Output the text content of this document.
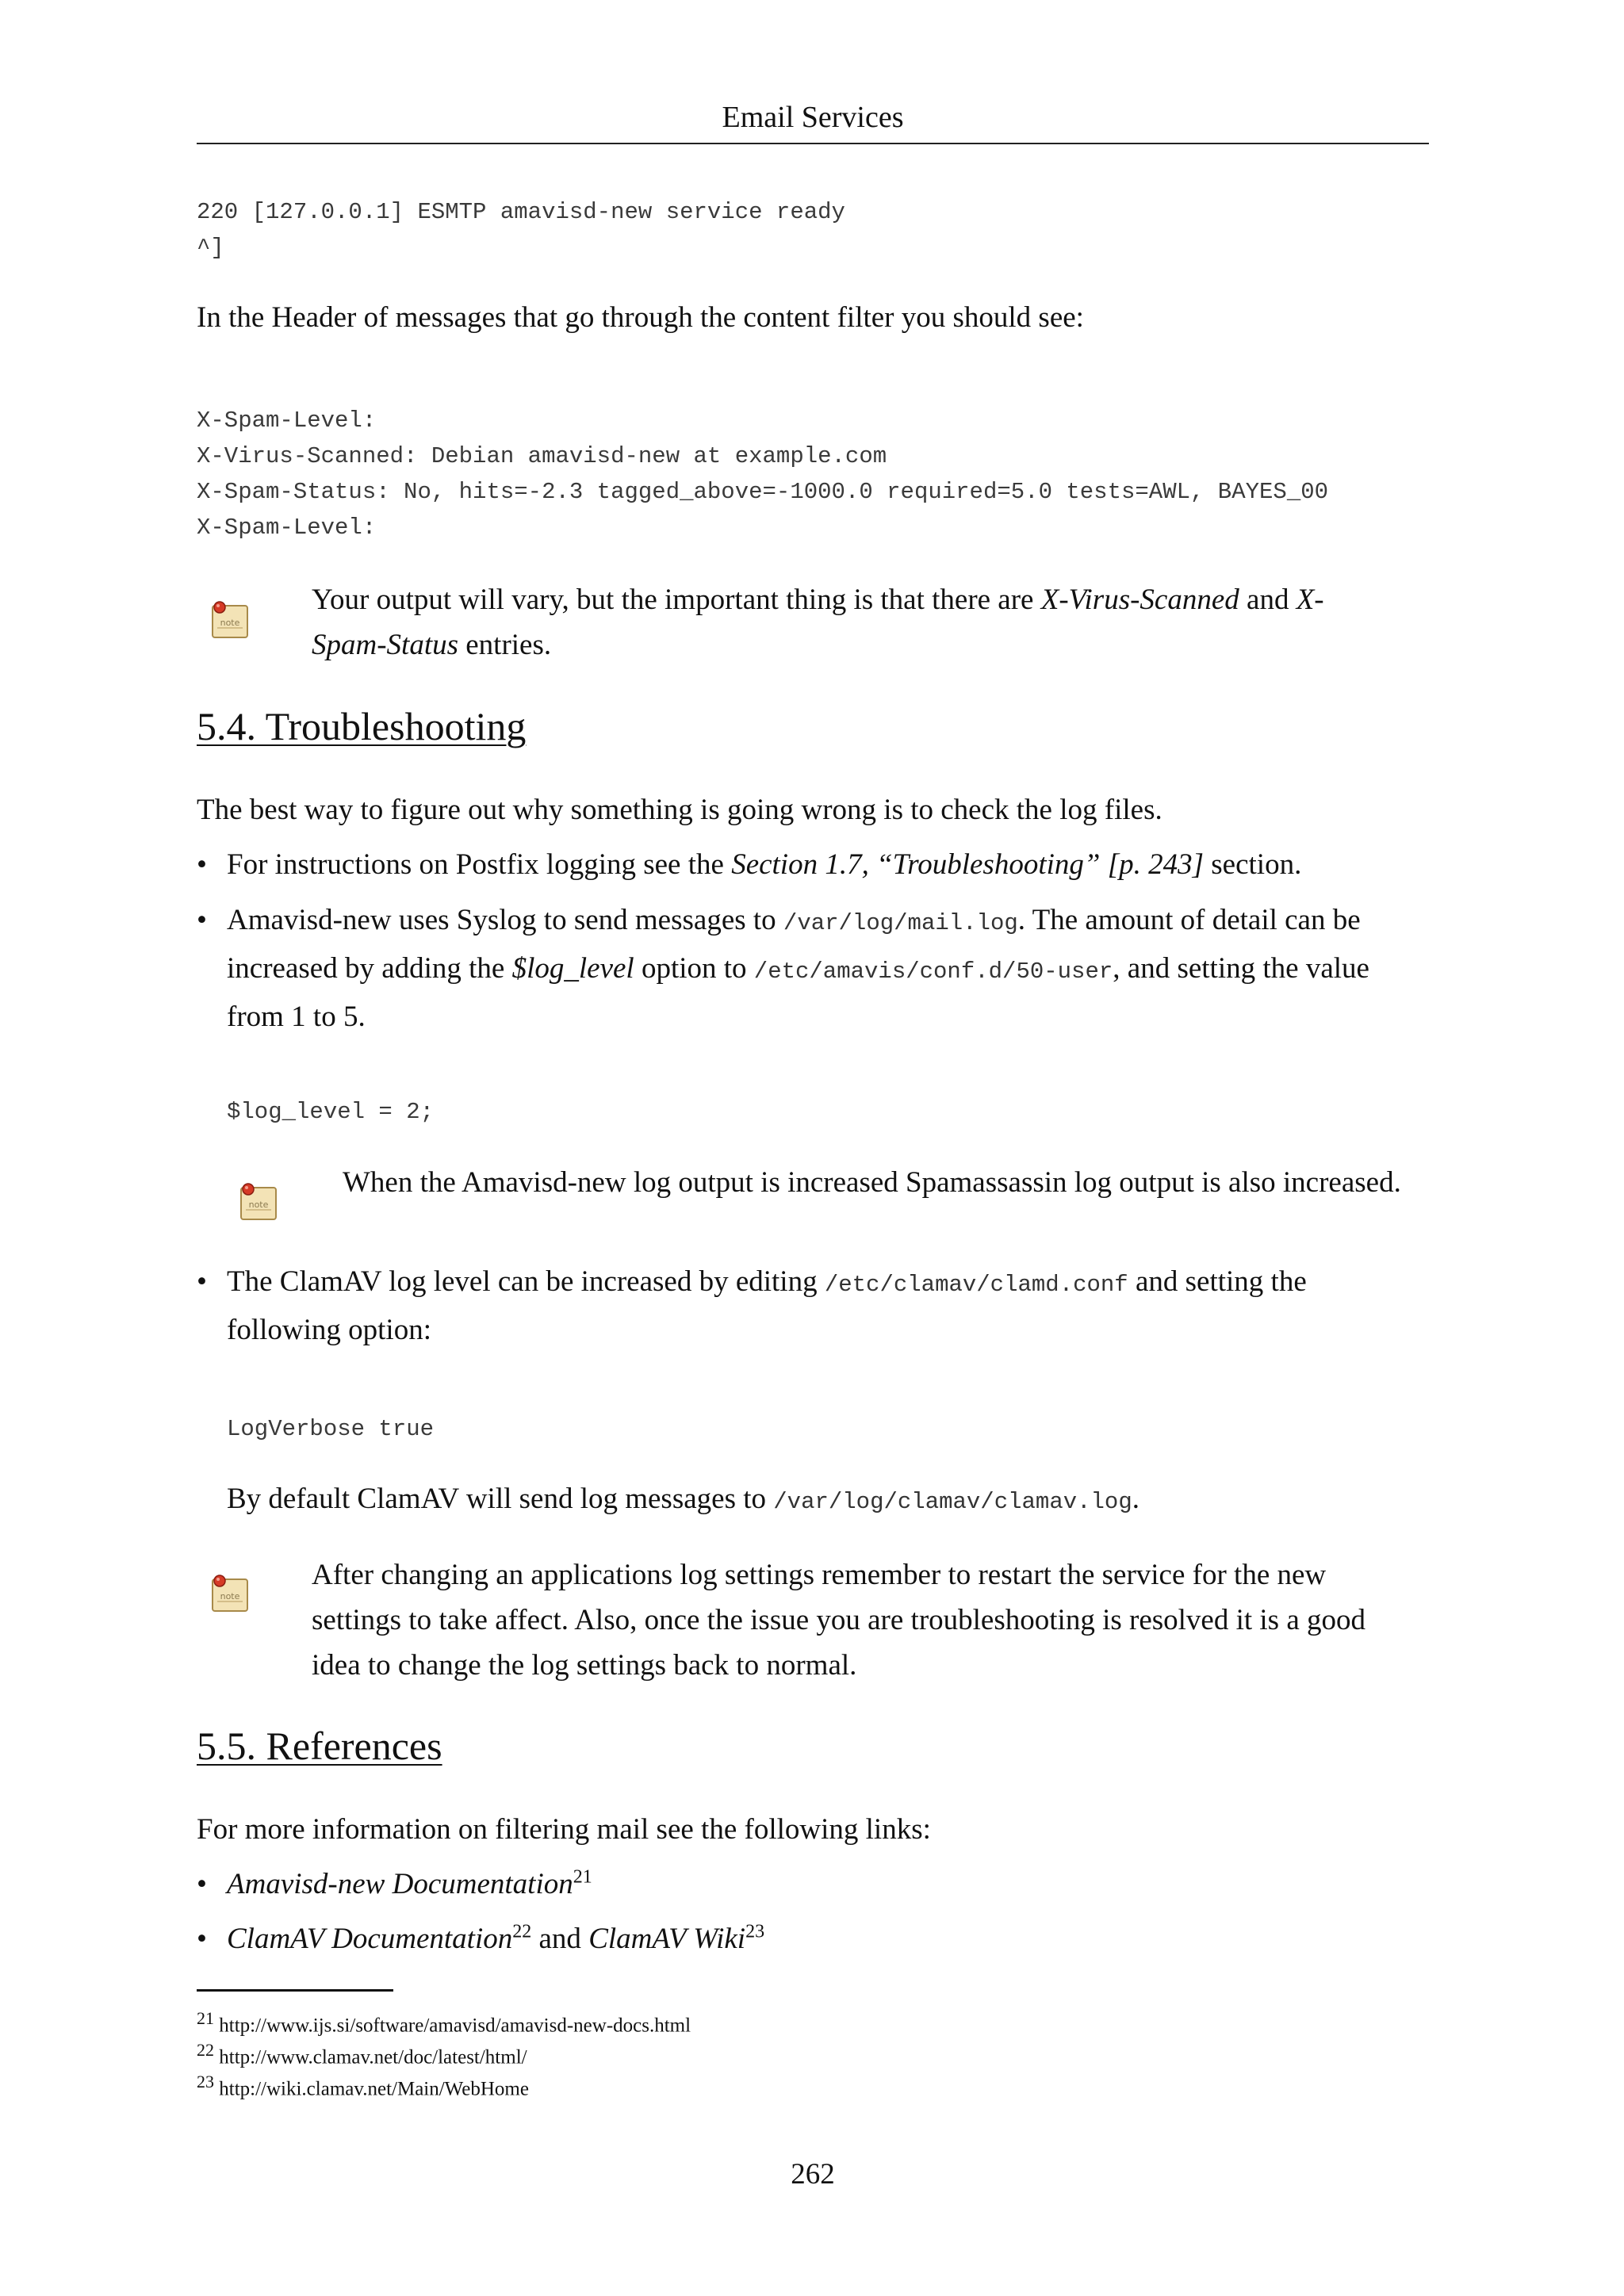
Email Services
220 [127.0.0.1] ESMTP amavisd-new service ready
^]
In the Header of messages that go through the content filter you should see:
X-Spam-Level:
X-Virus-Scanned: Debian amavisd-new at example.com
X-Spam-Status: No, hits=-2.3 tagged_above=-1000.0 required=5.0 tests=AWL, BAYES_00
X-Spam-Level:
note
Your output will vary, but the important thing is that there are X-Virus-Scanned and X-
Spam-Status entries.
5.4. Troubleshooting
The best way to figure out why something is going wrong is to check the log files.
• For instructions on Postfix logging see the Section 1.7, “Troubleshooting” [p. 243] section.
• Amavisd-new uses Syslog to send messages to /var/log/mail.log. The amount of detail can be
increased by adding the $log_level option to /etc/amavis/conf.d/50-user, and setting the value
from 1 to 5.
$log_level = 2;
note
When the Amavisd-new log output is increased Spamassassin log output is also increased.
• The ClamAV log level can be increased by editing /etc/clamav/clamd.conf and setting the
following option:
LogVerbose true
By default ClamAV will send log messages to /var/log/clamav/clamav.log.
note
After changing an applications log settings remember to restart the service for the new
settings to take affect. Also, once the issue you are troubleshooting is resolved it is a good
idea to change the log settings back to normal.
5.5. References
For more information on filtering mail see the following links:
• Amavisd-new Documentation$^{21}$
• ClamAV Documentation$^{22}$ and ClamAV Wiki$^{23}$
$^{21}$ http://www.ijs.si/software/amavisd/amavisd-new-docs.html
$^{22}$ http://www.clamav.net/doc/latest/html/
$^{23}$ http://wiki.clamav.net/Main/WebHome
262
